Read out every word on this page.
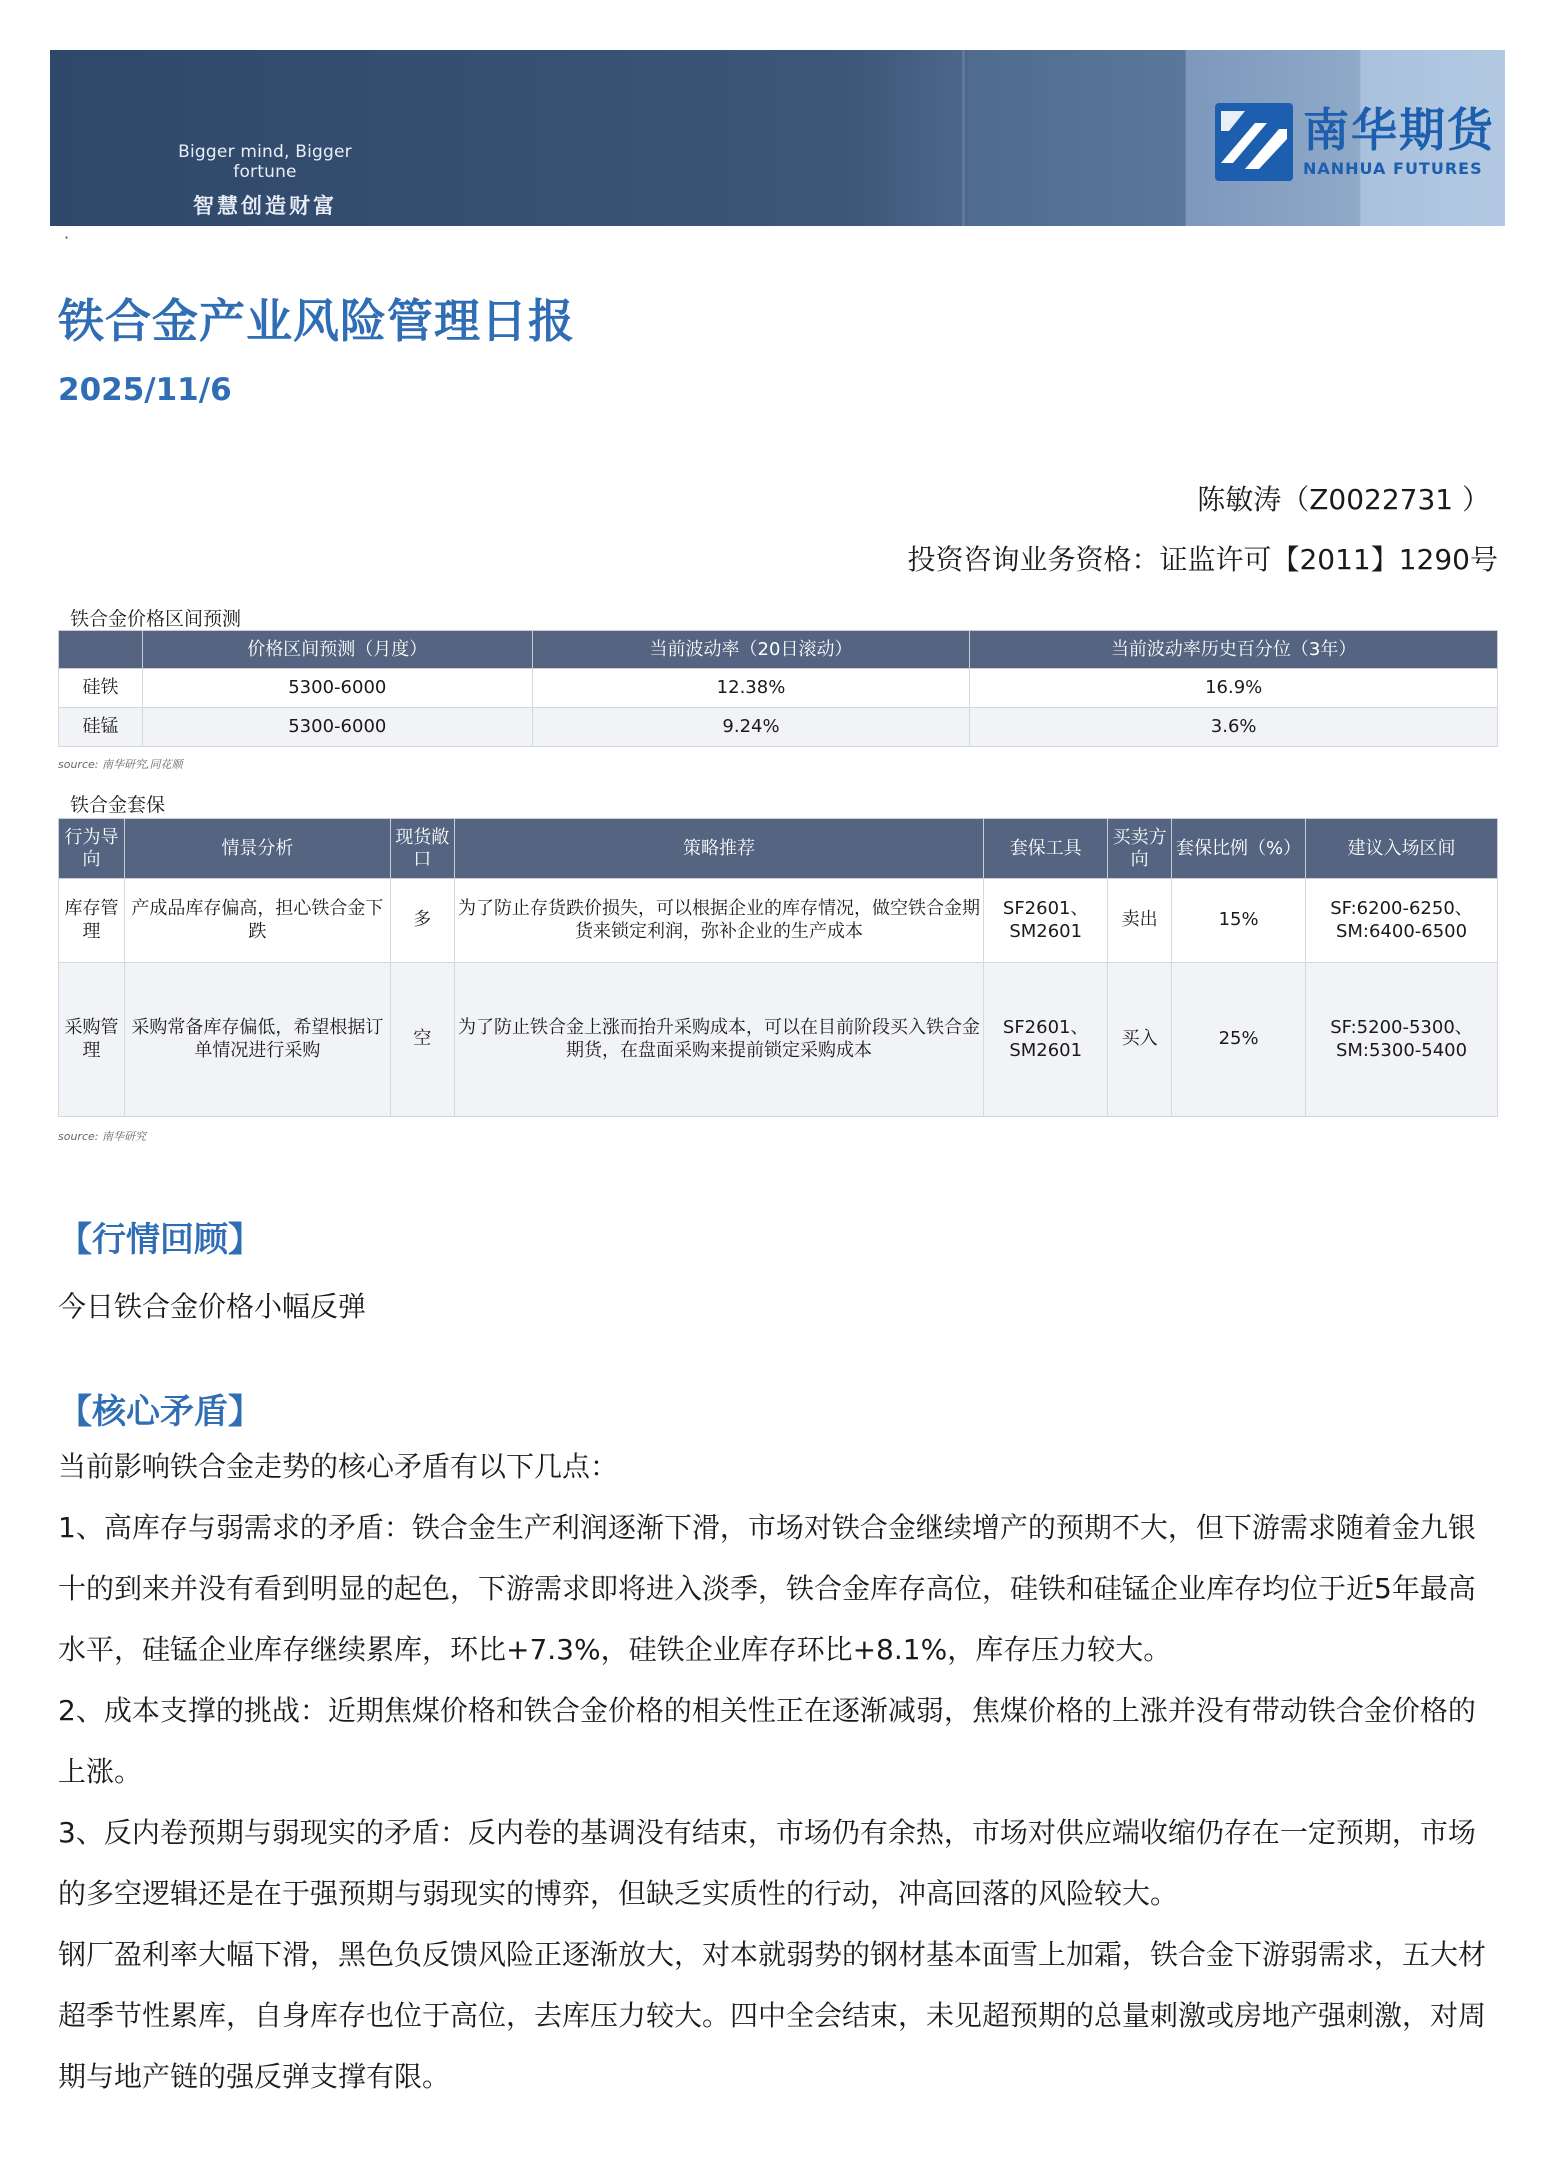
Bigger mind, Bigger fortune
智慧创造财富
南华期货
NANHUA FUTURES
·
铁合金产业风险管理日报
2025/11/6
陈敏涛（Z0022731 ）
投资咨询业务资格：证监许可【2011】1290号
铁合金价格区间预测
	价格区间预测（月度）	当前波动率（20日滚动）	当前波动率历史百分位（3年）
硅铁	5300-6000	12.38%	16.9%
硅锰	5300-6000	9.24%	3.6%
source: 南华研究,同花顺
铁合金套保
行为导向	情景分析	现货敞口	策略推荐	套保工具	买卖方向	套保比例（%）	建议入场区间
库存管理	产成品库存偏高，担心铁合金下跌	多	为了防止存货跌价损失，可以根据企业的库存情况，做空铁合金期货来锁定利润，弥补企业的生产成本	SF2601、SM2601	卖出	15%	SF:6200-6250、SM:6400-6500
采购管理	采购常备库存偏低，希望根据订单情况进行采购	空	为了防止铁合金上涨而抬升采购成本，可以在目前阶段买入铁合金期货，在盘面采购来提前锁定采购成本	SF2601、SM2601	买入	25%	SF:5200-5300、SM:5300-5400
source: 南华研究
【行情回顾】
今日铁合金价格小幅反弹
【核心矛盾】

当前影响铁合金走势的核心矛盾有以下几点：

1、高库存与弱需求的矛盾：铁合金生产利润逐渐下滑，市场对铁合金继续增产的预期不大，但下游需求随着金九银十的到来并没有看到明显的起色，下游需求即将进入淡季，铁合金库存高位，硅铁和硅锰企业库存均位于近5年最高水平，硅锰企业库存继续累库，环比+7.3%，硅铁企业库存环比+8.1%，库存压力较大。

2、成本支撑的挑战：近期焦煤价格和铁合金价格的相关性正在逐渐减弱，焦煤价格的上涨并没有带动铁合金价格的上涨。

3、反内卷预期与弱现实的矛盾：反内卷的基调没有结束，市场仍有余热，市场对供应端收缩仍存在一定预期，市场的多空逻辑还是在于强预期与弱现实的博弈，但缺乏实质性的行动，冲高回落的风险较大。

钢厂盈利率大幅下滑，黑色负反馈风险正逐渐放大，对本就弱势的钢材基本面雪上加霜，铁合金下游弱需求，五大材超季节性累库，自身库存也位于高位，去库压力较大。四中全会结束，未见超预期的总量刺激或房地产强刺激，对周期与地产链的强反弹支撑有限。
